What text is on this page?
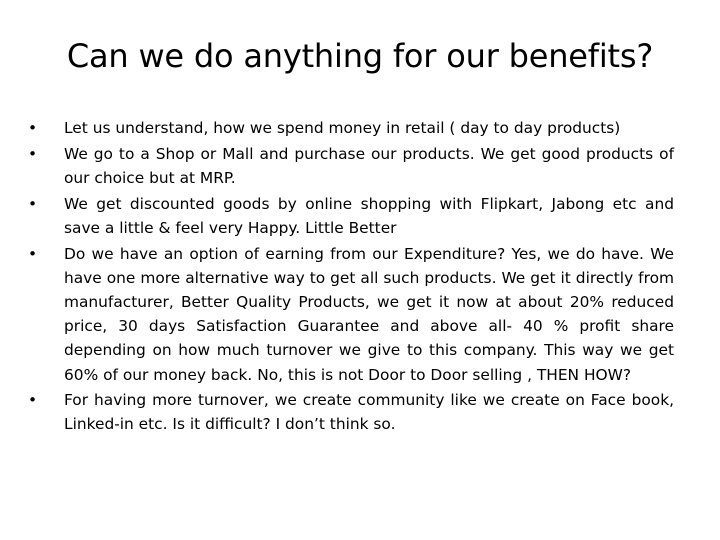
Can we do anything for our benefits?
•	Let us understand, how we spend money in retail ( day to day products)
•	We go to a Shop or Mall and purchase our products. We get good products of our choice but at MRP.
•	We get discounted goods by online shopping with Flipkart, Jabong etc and save a little & feel very Happy. Little Better
•	Do we have an option of earning from our Expenditure? Yes, we do have. We have one more alternative way to get all such products. We get it directly from manufacturer, Better Quality Products, we get it now at about 20% reduced price, 30 days Satisfaction Guarantee and above all- 40 % profit share depending on how much turnover we give to this company. This way we get 60% of our money back. No, this is not Door to Door selling , THEN HOW?
•	For having more turnover, we create community like we create on Face book, Linked-in etc. Is it difficult? I don’t think so.
